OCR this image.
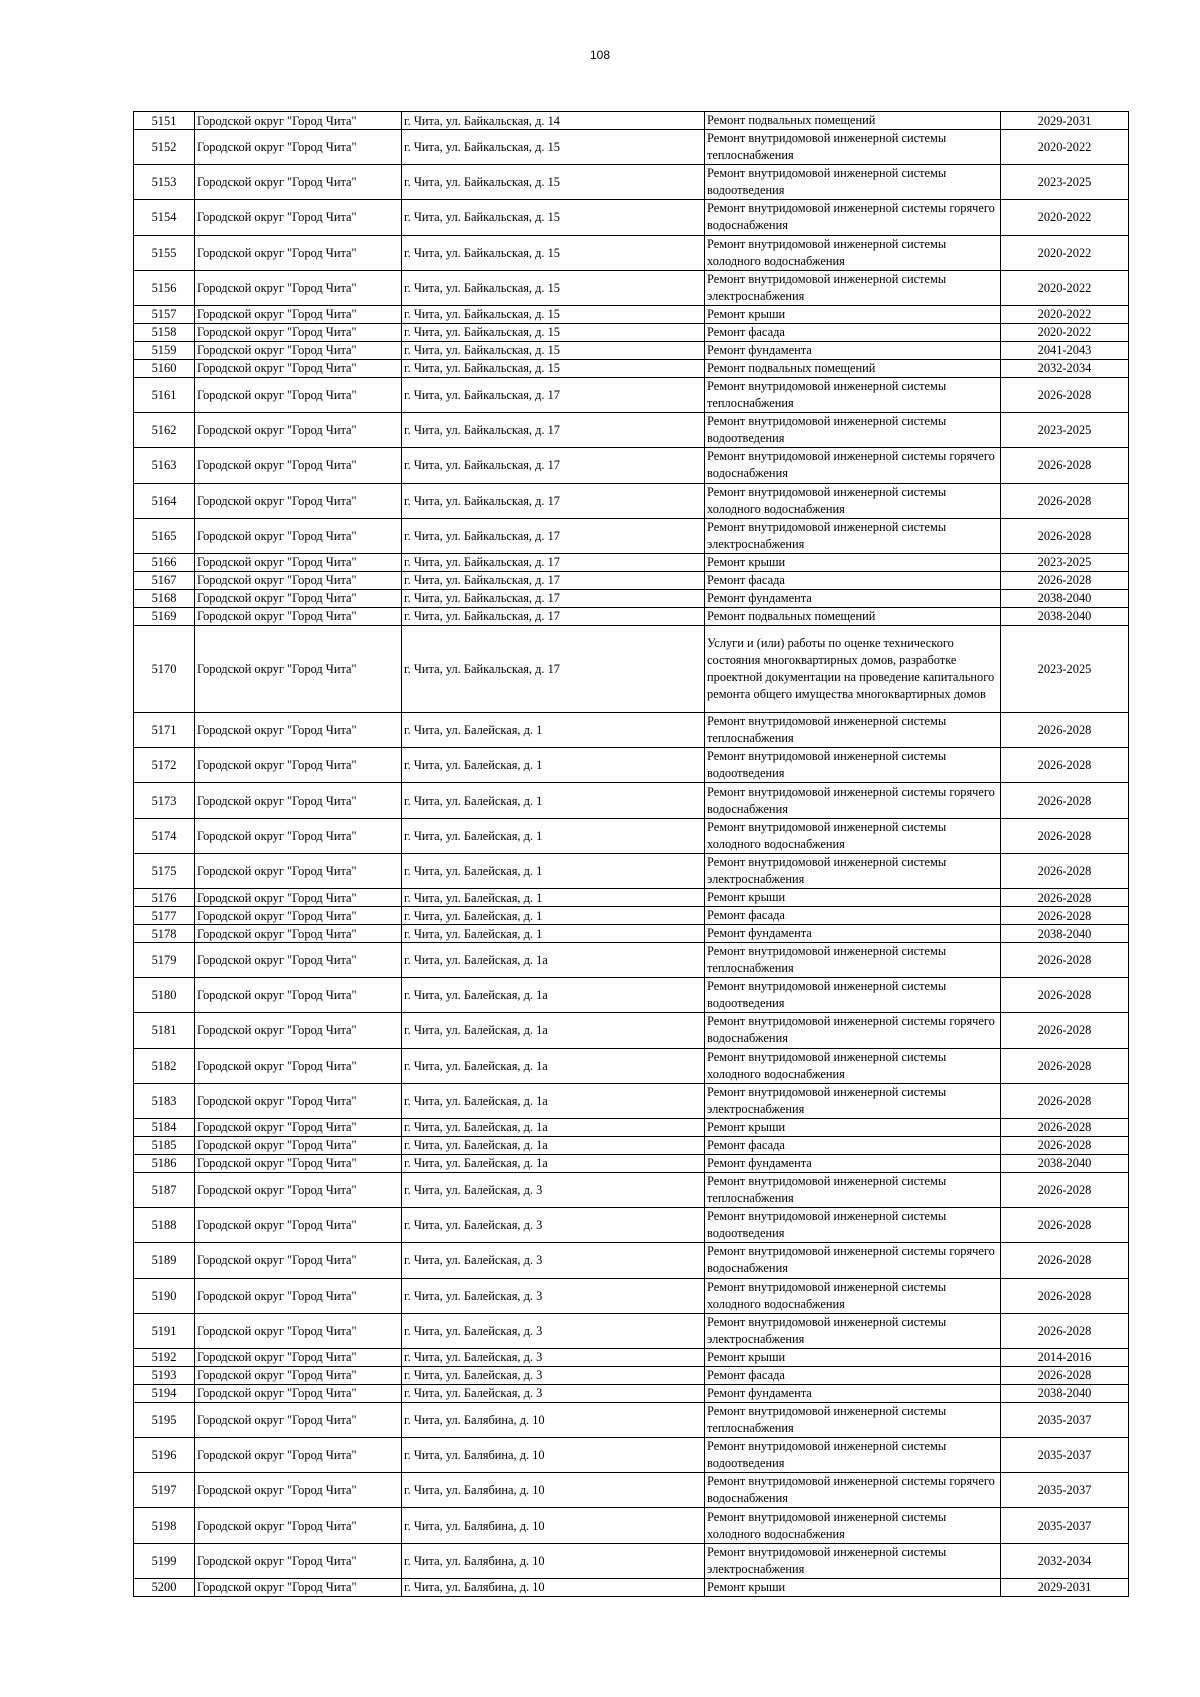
108
5151	Городской округ "Город Чита"	г. Чита, ул. Байкальская, д. 14	Ремонт подвальных помещений	2029-2031
5152	Городской округ "Город Чита"	г. Чита, ул. Байкальская, д. 15	Ремонт внутридомовой инженерной системы теплоснабжения	2020-2022
5153	Городской округ "Город Чита"	г. Чита, ул. Байкальская, д. 15	Ремонт внутридомовой инженерной системы водоотведения	2023-2025
5154	Городской округ "Город Чита"	г. Чита, ул. Байкальская, д. 15	Ремонт внутридомовой инженерной системы горячего водоснабжения	2020-2022
5155	Городской округ "Город Чита"	г. Чита, ул. Байкальская, д. 15	Ремонт внутридомовой инженерной системы холодного водоснабжения	2020-2022
5156	Городской округ "Город Чита"	г. Чита, ул. Байкальская, д. 15	Ремонт внутридомовой инженерной системы электроснабжения	2020-2022
5157	Городской округ "Город Чита"	г. Чита, ул. Байкальская, д. 15	Ремонт крыши	2020-2022
5158	Городской округ "Город Чита"	г. Чита, ул. Байкальская, д. 15	Ремонт фасада	2020-2022
5159	Городской округ "Город Чита"	г. Чита, ул. Байкальская, д. 15	Ремонт фундамента	2041-2043
5160	Городской округ "Город Чита"	г. Чита, ул. Байкальская, д. 15	Ремонт подвальных помещений	2032-2034
5161	Городской округ "Город Чита"	г. Чита, ул. Байкальская, д. 17	Ремонт внутридомовой инженерной системы теплоснабжения	2026-2028
5162	Городской округ "Город Чита"	г. Чита, ул. Байкальская, д. 17	Ремонт внутридомовой инженерной системы водоотведения	2023-2025
5163	Городской округ "Город Чита"	г. Чита, ул. Байкальская, д. 17	Ремонт внутридомовой инженерной системы горячего водоснабжения	2026-2028
5164	Городской округ "Город Чита"	г. Чита, ул. Байкальская, д. 17	Ремонт внутридомовой инженерной системы холодного водоснабжения	2026-2028
5165	Городской округ "Город Чита"	г. Чита, ул. Байкальская, д. 17	Ремонт внутридомовой инженерной системы электроснабжения	2026-2028
5166	Городской округ "Город Чита"	г. Чита, ул. Байкальская, д. 17	Ремонт крыши	2023-2025
5167	Городской округ "Город Чита"	г. Чита, ул. Байкальская, д. 17	Ремонт фасада	2026-2028
5168	Городской округ "Город Чита"	г. Чита, ул. Байкальская, д. 17	Ремонт фундамента	2038-2040
5169	Городской округ "Город Чита"	г. Чита, ул. Байкальская, д. 17	Ремонт подвальных помещений	2038-2040
5170	Городской округ "Город Чита"	г. Чита, ул. Байкальская, д. 17	Услуги и (или) работы по оценке технического состояния многоквартирных домов, разработке проектной документации на проведение капитального ремонта общего имущества многоквартирных домов	2023-2025
5171	Городской округ "Город Чита"	г. Чита, ул. Балейская, д. 1	Ремонт внутридомовой инженерной системы теплоснабжения	2026-2028
5172	Городской округ "Город Чита"	г. Чита, ул. Балейская, д. 1	Ремонт внутридомовой инженерной системы водоотведения	2026-2028
5173	Городской округ "Город Чита"	г. Чита, ул. Балейская, д. 1	Ремонт внутридомовой инженерной системы горячего водоснабжения	2026-2028
5174	Городской округ "Город Чита"	г. Чита, ул. Балейская, д. 1	Ремонт внутридомовой инженерной системы холодного водоснабжения	2026-2028
5175	Городской округ "Город Чита"	г. Чита, ул. Балейская, д. 1	Ремонт внутридомовой инженерной системы электроснабжения	2026-2028
5176	Городской округ "Город Чита"	г. Чита, ул. Балейская, д. 1	Ремонт крыши	2026-2028
5177	Городской округ "Город Чита"	г. Чита, ул. Балейская, д. 1	Ремонт фасада	2026-2028
5178	Городской округ "Город Чита"	г. Чита, ул. Балейская, д. 1	Ремонт фундамента	2038-2040
5179	Городской округ "Город Чита"	г. Чита, ул. Балейская, д. 1а	Ремонт внутридомовой инженерной системы теплоснабжения	2026-2028
5180	Городской округ "Город Чита"	г. Чита, ул. Балейская, д. 1а	Ремонт внутридомовой инженерной системы водоотведения	2026-2028
5181	Городской округ "Город Чита"	г. Чита, ул. Балейская, д. 1а	Ремонт внутридомовой инженерной системы горячего водоснабжения	2026-2028
5182	Городской округ "Город Чита"	г. Чита, ул. Балейская, д. 1а	Ремонт внутридомовой инженерной системы холодного водоснабжения	2026-2028
5183	Городской округ "Город Чита"	г. Чита, ул. Балейская, д. 1а	Ремонт внутридомовой инженерной системы электроснабжения	2026-2028
5184	Городской округ "Город Чита"	г. Чита, ул. Балейская, д. 1а	Ремонт крыши	2026-2028
5185	Городской округ "Город Чита"	г. Чита, ул. Балейская, д. 1а	Ремонт фасада	2026-2028
5186	Городской округ "Город Чита"	г. Чита, ул. Балейская, д. 1а	Ремонт фундамента	2038-2040
5187	Городской округ "Город Чита"	г. Чита, ул. Балейская, д. 3	Ремонт внутридомовой инженерной системы теплоснабжения	2026-2028
5188	Городской округ "Город Чита"	г. Чита, ул. Балейская, д. 3	Ремонт внутридомовой инженерной системы водоотведения	2026-2028
5189	Городской округ "Город Чита"	г. Чита, ул. Балейская, д. 3	Ремонт внутридомовой инженерной системы горячего водоснабжения	2026-2028
5190	Городской округ "Город Чита"	г. Чита, ул. Балейская, д. 3	Ремонт внутридомовой инженерной системы холодного водоснабжения	2026-2028
5191	Городской округ "Город Чита"	г. Чита, ул. Балейская, д. 3	Ремонт внутридомовой инженерной системы электроснабжения	2026-2028
5192	Городской округ "Город Чита"	г. Чита, ул. Балейская, д. 3	Ремонт крыши	2014-2016
5193	Городской округ "Город Чита"	г. Чита, ул. Балейская, д. 3	Ремонт фасада	2026-2028
5194	Городской округ "Город Чита"	г. Чита, ул. Балейская, д. 3	Ремонт фундамента	2038-2040
5195	Городской округ "Город Чита"	г. Чита, ул. Балябина, д. 10	Ремонт внутридомовой инженерной системы теплоснабжения	2035-2037
5196	Городской округ "Город Чита"	г. Чита, ул. Балябина, д. 10	Ремонт внутридомовой инженерной системы водоотведения	2035-2037
5197	Городской округ "Город Чита"	г. Чита, ул. Балябина, д. 10	Ремонт внутридомовой инженерной системы горячего водоснабжения	2035-2037
5198	Городской округ "Город Чита"	г. Чита, ул. Балябина, д. 10	Ремонт внутридомовой инженерной системы холодного водоснабжения	2035-2037
5199	Городской округ "Город Чита"	г. Чита, ул. Балябина, д. 10	Ремонт внутридомовой инженерной системы электроснабжения	2032-2034
5200	Городской округ "Город Чита"	г. Чита, ул. Балябина, д. 10	Ремонт крыши	2029-2031
